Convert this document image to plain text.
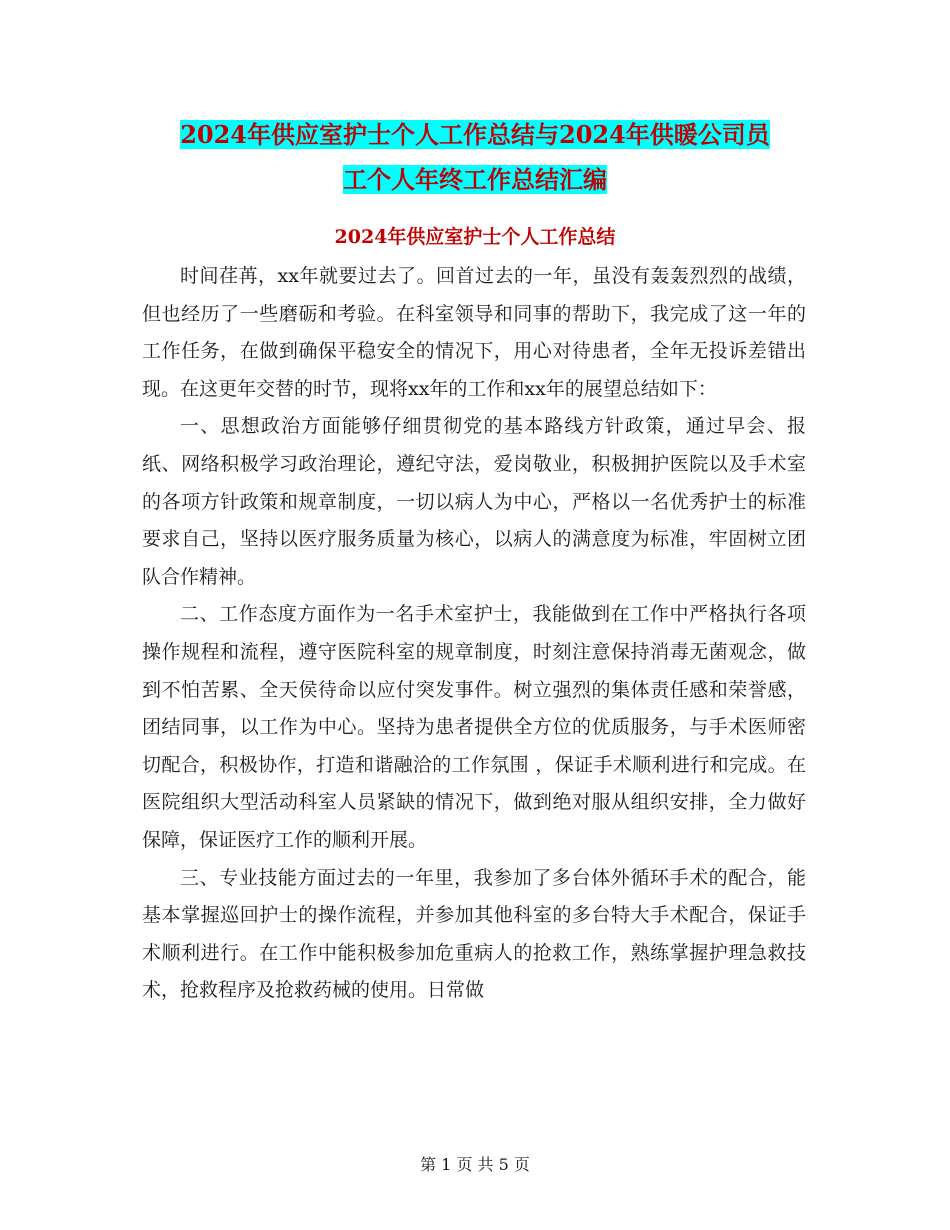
2024年供应室护士个人工作总结与2024年供暖公司员
工个人年终工作总结汇编
2024年供应室护士个人工作总结

时间荏苒，xx年就要过去了。回首过去的一年，虽没有轰轰烈烈的战绩，但也经历了一些磨砺和考验。在科室领导和同事的帮助下，我完成了这一年的工作任务，在做到确保平稳安全的情况下，用心对待患者，全年无投诉差错出现。在这更年交替的时节，现将xx年的工作和xx年的展望总结如下：

一、思想政治方面能够仔细贯彻党的基本路线方针政策，通过早会、报纸、网络积极学习政治理论，遵纪守法，爱岗敬业，积极拥护医院以及手术室的各项方针政策和规章制度，一切以病人为中心，严格以一名优秀护士的标准要求自己，坚持以医疗服务质量为核心，以病人的满意度为标准，牢固树立团队合作精神。

二、工作态度方面作为一名手术室护士，我能做到在工作中严格执行各项操作规程和流程，遵守医院科室的规章制度，时刻注意保持消毒无菌观念，做到不怕苦累、全天侯待命以应付突发事件。树立强烈的集体责任感和荣誉感，团结同事，以工作为中心。坚持为患者提供全方位的优质服务，与手术医师密切配合，积极协作，打造和谐融洽的工作氛围 ，保证手术顺利进行和完成。在医院组织大型活动科室人员紧缺的情况下，做到绝对服从组织安排，全力做好保障，保证医疗工作的顺利开展。

三、专业技能方面过去的一年里，我参加了多台体外循环手术的配合，能基本掌握巡回护士的操作流程，并参加其他科室的多台特大手术配合，保证手术顺利进行。在工作中能积极参加危重病人的抢救工作，熟练掌握护理急救技术，抢救程序及抢救药械的使用。日常做

第 1 页 共 5 页
